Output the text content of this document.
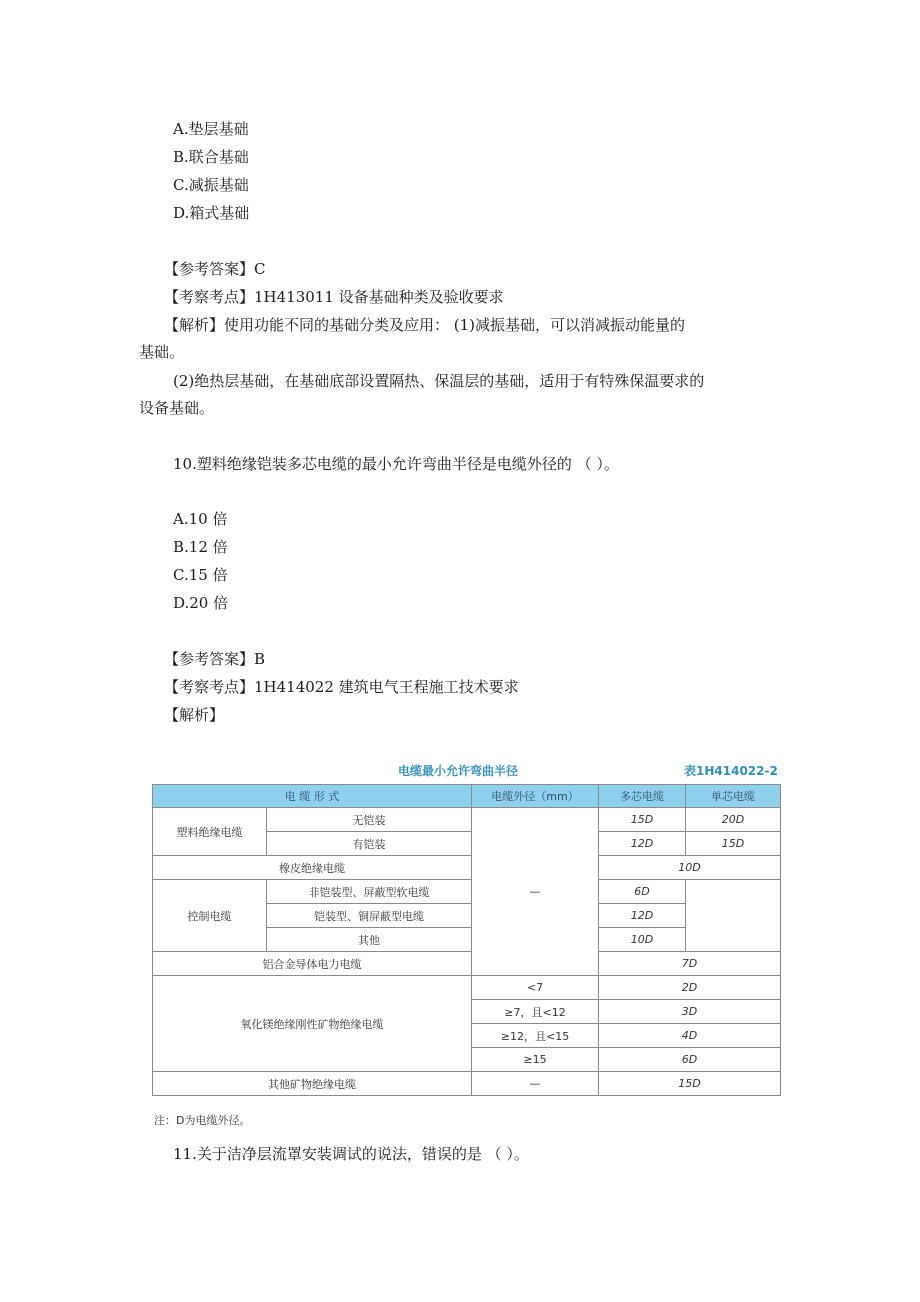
A.垫层基础
B.联合基础
C.减振基础
D.箱式基础
【参考答案】C
【考察考点】1H413011 设备基础种类及验收要求
【解析】使用功能不同的基础分类及应用： (1)减振基础，可以消减振动能量的
基础。
(2)绝热层基础，在基础底部设置隔热、保温层的基础，适用于有特殊保温要求的
设备基础。
10.塑料绝缘铠装多芯电缆的最小允许弯曲半径是电缆外径的 （ ）。
A.10 倍
B.12 倍
C.15 倍
D.20 倍
【参考答案】B
【考察考点】1H414022 建筑电气王程施工技术要求
【解析】
电缆最小允许弯曲半径	表1H414022-2
电 缆 形 式		电缆外径（mm）	多芯电缆	单芯电缆
塑料绝缘电缆	无铠装	—	15D	20D
	有铠装		12D	15D
橡皮绝缘电缆			10D	
控制电缆	非铠装型、屏蔽型软电缆		6D	
	铠装型、铜屏蔽型电缆		12D	
	其他		10D	
铝合金导体电力电缆			7D	
氧化镁绝缘刚性矿物绝缘电缆		<7	2D	
		≥7，且<12	3D	
		≥12，且<15	4D	
		≥15	6D	
其他矿物绝缘电缆		—	15D	
注：D为电缆外径。
11.关于洁净层流罩安装调试的说法，错误的是 （ ）。
